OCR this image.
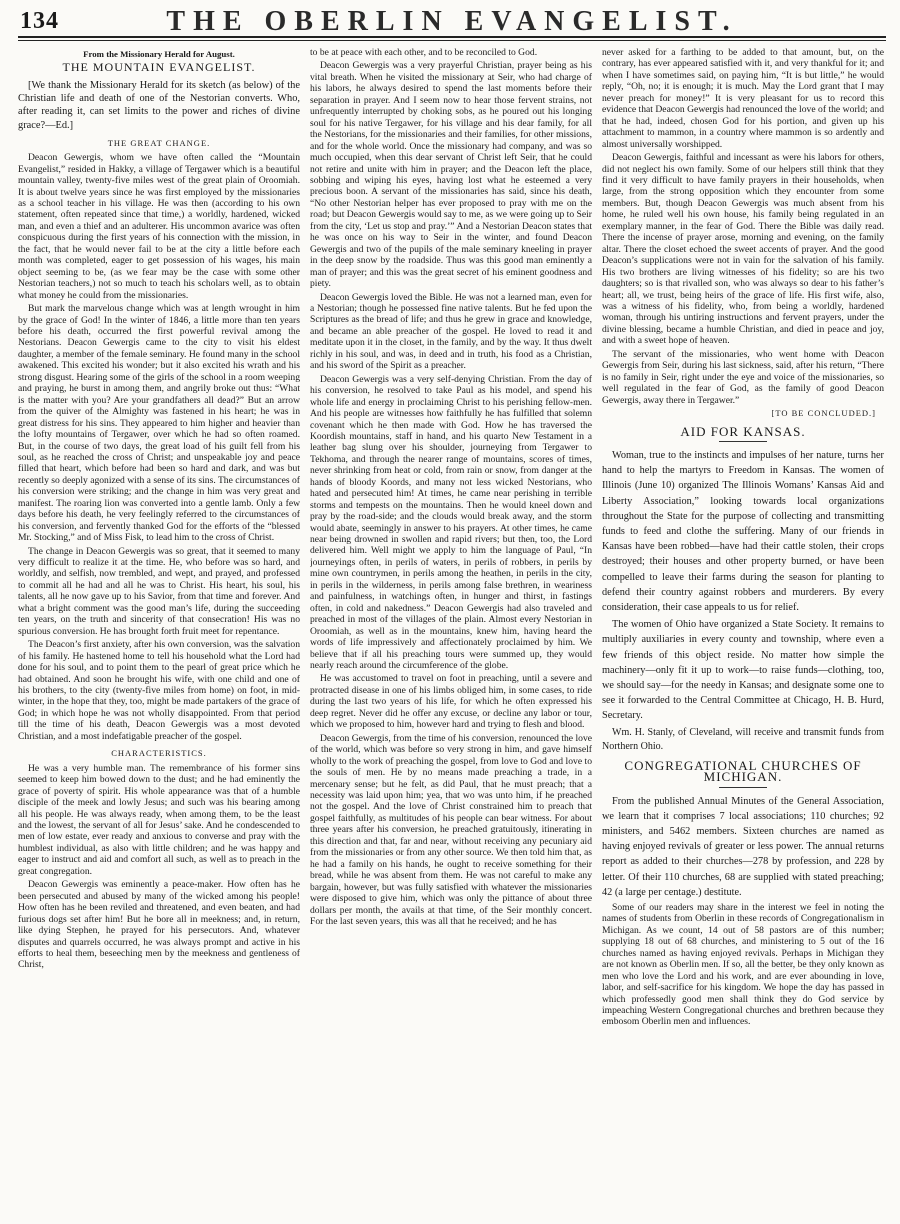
134	THE OBERLIN EVANGELIST.
From the Missionary Herald for August.
THE MOUNTAIN EVANGELIST.

[We thank the Missionary Herald for its sketch (as below) of the Christian life and death of one of the Nestorian converts. Who, after reading it, can set limits to the power and riches of divine grace?—Ed.]

THE GREAT CHANGE.

Deacon Gewergis, whom we have often called the “Mountain Evangelist,” resided in Hakky, a village of Tergawer which is a beautiful mountain valley, twenty-five miles west of the great plain of Oroomiah. It is about twelve years since he was first employed by the missionaries as a school teacher in his village. He was then (according to his own statement, often repeated since that time,) a worldly, hardened, wicked man, and even a thief and an adulterer. His uncommon avarice was often conspicuous during the first years of his connection with the mission, in the fact, that he would never fail to be at the city a little before each month was completed, eager to get possession of his wages, his main object seeming to be, (as we fear may be the case with some other Nestorian teachers,) not so much to teach his scholars well, as to obtain what money he could from the missionaries.

But mark the marvelous change which was at length wrought in him by the grace of God! In the winter of 1846, a little more than ten years before his death, occurred the first powerful revival among the Nestorians. Deacon Gewergis came to the city to visit his eldest daughter, a member of the female seminary. He found many in the school awakened. This excited his wonder; but it also excited his wrath and his strong disgust. Hearing some of the girls of the school in a room weeping and praying, he burst in among them, and angrily broke out thus: “What is the matter with you? Are your grandfathers all dead?” But an arrow from the quiver of the Almighty was fastened in his heart; he was in great distress for his sins. They appeared to him higher and heavier than the lofty mountains of Tergawer, over which he had so often roamed. But, in the course of two days, the great load of his guilt fell from his soul, as he reached the cross of Christ; and unspeakable joy and peace filled that heart, which before had been so hard and dark, and was but recently so deeply agonized with a sense of its sins. The circumstances of his conversion were striking; and the change in him was very great and manifest. The roaring lion was converted into a gentle lamb. Only a few days before his death, he very feelingly referred to the circumstances of his conversion, and fervently thanked God for the efforts of the “blessed Mr. Stocking,” and of Miss Fisk, to lead him to the cross of Christ.

The change in Deacon Gewergis was so great, that it seemed to many very difficult to realize it at the time. He, who before was so hard, and worldly, and selfish, now trembled, and wept, and prayed, and professed to commit all he had and all he was to Christ. His heart, his soul, his talents, all he now gave up to his Savior, from that time and forever. And what a bright comment was the good man’s life, during the succeeding ten years, on the truth and sincerity of that consecration! His was no spurious conversion. He has brought forth fruit meet for repentance.

The Deacon’s first anxiety, after his own conversion, was the salvation of his family. He hastened home to tell his household what the Lord had done for his soul, and to point them to the pearl of great price which he had obtained. And soon he brought his wife, with one child and one of his brothers, to the city (twenty-five miles from home) on foot, in mid-winter, in the hope that they, too, might be made partakers of the grace of God; in which hope he was not wholly disappointed. From that period till the time of his death, Deacon Gewergis was a most devoted Christian, and a most indefatigable preacher of the gospel.

CHARACTERISTICS.

He was a very humble man. The remembrance of his former sins seemed to keep him bowed down to the dust; and he had eminently the grace of poverty of spirit. His whole appearance was that of a humble disciple of the meek and lowly Jesus; and such was his bearing among all his people. He was always ready, when among them, to be the least and the lowest, the servant of all for Jesus’ sake. And he condescended to men of low estate, ever ready and anxious to converse and pray with the humblest individual, as also with little children; and he was happy and eager to instruct and aid and comfort all such, as well as to preach in the great congregation.

Deacon Gewergis was eminently a peace-maker. How often has he been persecuted and abused by many of the wicked among his people! How often has he been reviled and threatened, and even beaten, and had furious dogs set after him! But he bore all in meekness; and, in return, like dying Stephen, he prayed for his persecutors. And, whatever disputes and quarrels occurred, he was always prompt and active in his efforts to heal them, beseeching men by the meekness and gentleness of Christ,

to be at peace with each other, and to be reconciled to God.

Deacon Gewergis was a very prayerful Christian, prayer being as his vital breath. When he visited the missionary at Seir, who had charge of his labors, he always desired to spend the last moments before their separation in prayer. And I seem now to hear those fervent strains, not unfrequently interrupted by choking sobs, as he poured out his longing soul for his native Tergawer, for his village and his dear family, for all the Nestorians, for the missionaries and their families, for other missions, and for the whole world. Once the missionary had company, and was so much occupied, when this dear servant of Christ left Seir, that he could not retire and unite with him in prayer; and the Deacon left the place, sobbing and wiping his eyes, having lost what he esteemed a very precious boon. A servant of the missionaries has said, since his death, “No other Nestorian helper has ever proposed to pray with me on the road; but Deacon Gewergis would say to me, as we were going up to Seir from the city, ‘Let us stop and pray.’” And a Nestorian Deacon states that he was once on his way to Seir in the winter, and found Deacon Gewergis and two of the pupils of the male seminary kneeling in prayer in the deep snow by the roadside. Thus was this good man eminently a man of prayer; and this was the great secret of his eminent goodness and piety.

Deacon Gewergis loved the Bible. He was not a learned man, even for a Nestorian; though he possessed fine native talents. But he fed upon the Scriptures as the bread of life; and thus he grew in grace and knowledge, and became an able preacher of the gospel. He loved to read it and meditate upon it in the closet, in the family, and by the way. It thus dwelt richly in his soul, and was, in deed and in truth, his food as a Christian, and his sword of the Spirit as a preacher.

Deacon Gewergis was a very self-denying Christian. From the day of his conversion, he resolved to take Paul as his model, and spend his whole life and energy in proclaiming Christ to his perishing fellow-men. And his people are witnesses how faithfully he has fulfilled that solemn covenant which he then made with God. How he has traversed the Koordish mountains, staff in hand, and his quarto New Testament in a leather bag slung over his shoulder, journeying from Tergawer to Tekhoma, and through the nearer range of mountains, scores of times, never shrinking from heat or cold, from rain or snow, from danger at the hands of bloody Koords, and many not less wicked Nestorians, who hated and persecuted him! At times, he came near perishing in terrible storms and tempests on the mountains. Then he would kneel down and pray by the road-side; and the clouds would break away, and the storm would abate, seemingly in answer to his prayers. At other times, he came near being drowned in swollen and rapid rivers; but then, too, the Lord delivered him. Well might we apply to him the language of Paul, “In journeyings often, in perils of waters, in perils of robbers, in perils by mine own countrymen, in perils among the heathen, in perils in the city, in perils in the wilderness, in perils among false brethren, in weariness and painfulness, in watchings often, in hunger and thirst, in fastings often, in cold and nakedness.” Deacon Gewergis had also traveled and preached in most of the villages of the plain. Almost every Nestorian in Oroomiah, as well as in the mountains, knew him, having heard the words of life impressively and affectionately proclaimed by him. We believe that if all his preaching tours were summed up, they would nearly reach around the circumference of the globe.

He was accustomed to travel on foot in preaching, until a severe and protracted disease in one of his limbs obliged him, in some cases, to ride during the last two years of his life, for which he often expressed his deep regret. Never did he offer any excuse, or decline any labor or tour, which we proposed to him, however hard and trying to flesh and blood.

Deacon Gewergis, from the time of his conversion, renounced the love of the world, which was before so very strong in him, and gave himself wholly to the work of preaching the gospel, from love to God and love to the souls of men. He by no means made preaching a trade, in a mercenary sense; but he felt, as did Paul, that he must preach; that a necessity was laid upon him; yea, that wo was unto him, if he preached not the gospel. And the love of Christ constrained him to preach that gospel faithfully, as multitudes of his people can bear witness. For about three years after his conversion, he preached gratuitously, itinerating in this direction and that, far and near, without receiving any pecuniary aid from the missionaries or from any other source. We then told him that, as he had a family on his hands, he ought to receive something for their bread, while he was absent from them. He was not careful to make any bargain, however, but was fully satisfied with whatever the missionaries were disposed to give him, which was only the pittance of about three dollars per month, the avails at that time, of the Seir monthly concert. For the last seven years, this was all that he received; and he has

never asked for a farthing to be added to that amount, but, on the contrary, has ever appeared satisfied with it, and very thankful for it; and when I have sometimes said, on paying him, “It is but little,” he would reply, “Oh, no; it is enough; it is much. May the Lord grant that I may never preach for money!” It is very pleasant for us to record this evidence that Deacon Gewergis had renounced the love of the world; and that he had, indeed, chosen God for his portion, and given up his attachment to mammon, in a country where mammon is so ardently and almost universally worshipped.

Deacon Gewergis, faithful and incessant as were his labors for others, did not neglect his own family. Some of our helpers still think that they find it very difficult to have family prayers in their households, when large, from the strong opposition which they encounter from some members. But, though Deacon Gewergis was much absent from his home, he ruled well his own house, his family being regulated in an exemplary manner, in the fear of God. There the Bible was daily read. There the incense of prayer arose, morning and evening, on the family altar. There the closet echoed the sweet accents of prayer. And the good Deacon’s supplications were not in vain for the salvation of his family. His two brothers are living witnesses of his fidelity; so are his two daughters; so is that rivalled son, who was always so dear to his father’s heart; all, we trust, being heirs of the grace of life. His first wife, also, was a witness of his fidelity, who, from being a worldly, hardened woman, through his untiring instructions and fervent prayers, under the divine blessing, became a humble Christian, and died in peace and joy, and with a sweet hope of heaven.

The servant of the missionaries, who went home with Deacon Gewergis from Seir, during his last sickness, said, after his return, “There is no family in Seir, right under the eye and voice of the missionaries, so well regulated in the fear of God, as the family of good Deacon Gewergis, away there in Tergawer.”

[TO BE CONCLUDED.]
AID FOR KANSAS.

Woman, true to the instincts and impulses of her nature, turns her hand to help the martyrs to Freedom in Kansas. The women of Illinois (June 10) organized The Illinois Womans’ Kansas Aid and Liberty Association,” looking towards local organizations throughout the State for the purpose of collecting and transmitting funds to feed and clothe the suffering. Many of our friends in Kansas have been robbed—have had their cattle stolen, their crops destroyed; their houses and other property burned, or have been compelled to leave their farms during the season for planting to defend their country against robbers and murderers. By every consideration, their case appeals to us for relief.

The women of Ohio have organized a State Society. It remains to multiply auxiliaries in every county and township, where even a few friends of this object reside. No matter how simple the machinery—only fit it up to work—to raise funds—clothing, too, we should say—for the needy in Kansas; and designate some one to see it forwarded to the Central Committee at Chicago, H. B. Hurd, Secretary.

Wm. H. Stanly, of Cleveland, will receive and transmit funds from Northern Ohio.

CONGREGATIONAL CHURCHES OF MICHIGAN.

From the published Annual Minutes of the General Association, we learn that it comprises 7 local associations; 110 churches; 92 ministers, and 5462 members. Sixteen churches are named as having enjoyed revivals of greater or less power. The annual returns report as added to their churches—278 by profession, and 228 by letter. Of their 110 churches, 68 are supplied with stated preaching; 42 (a large per centage.) destitute.

Some of our readers may share in the interest we feel in noting the names of students from Oberlin in these records of Congregationalism in Michigan. As we count, 14 out of 58 pastors are of this number; supplying 18 out of 68 churches, and ministering to 5 out of the 16 churches named as having enjoyed revivals. Perhaps in Michigan they are not known as Oberlin men. If so, all the better, be they only known as men who love the Lord and his work, and are ever abounding in love, labor, and self-sacrifice for his kingdom. We hope the day has passed in which professedly good men shall think they do God service by impeaching Western Congregational churches and brethren because they embosom Oberlin men and influences.
